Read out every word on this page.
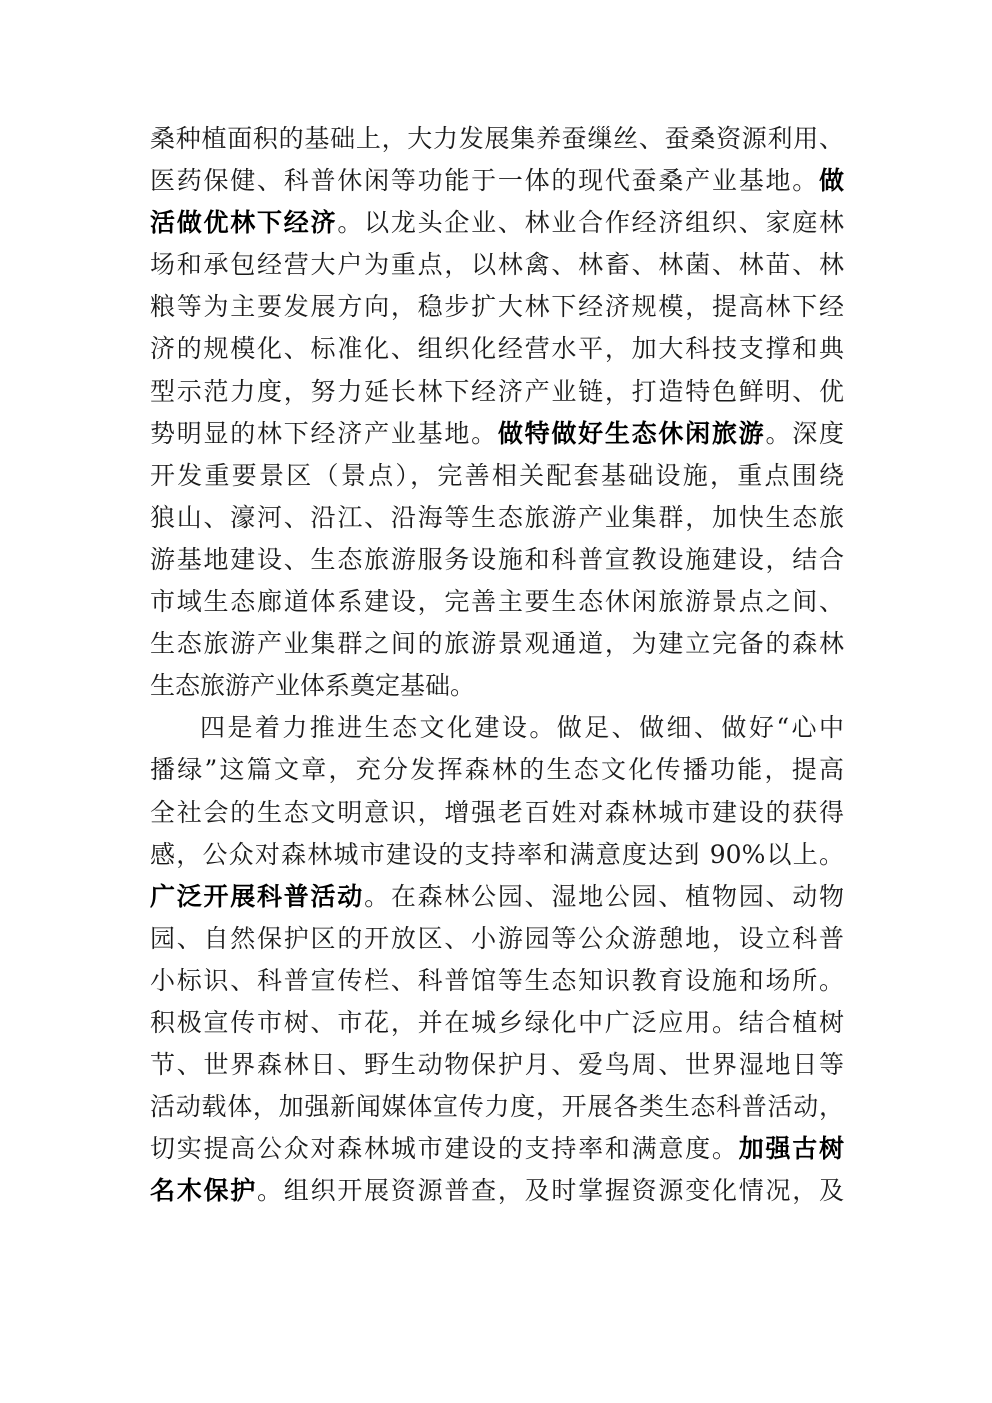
桑种植面积的基础上，大力发展集养蚕缫丝、蚕桑资源利用、
医药保健、科普休闲等功能于一体的现代蚕桑产业基地。做
活做优林下经济。以龙头企业、林业合作经济组织、家庭林
场和承包经营大户为重点，以林禽、林畜、林菌、林苗、林
粮等为主要发展方向，稳步扩大林下经济规模，提高林下经
济的规模化、标准化、组织化经营水平，加大科技支撑和典
型示范力度，努力延长林下经济产业链，打造特色鲜明、优
势明显的林下经济产业基地。做特做好生态休闲旅游。深度
开发重要景区（景点），完善相关配套基础设施，重点围绕
狼山、濠河、沿江、沿海等生态旅游产业集群，加快生态旅
游基地建设、生态旅游服务设施和科普宣教设施建设，结合
市域生态廊道体系建设，完善主要生态休闲旅游景点之间、
生态旅游产业集群之间的旅游景观通道，为建立完备的森林
生态旅游产业体系奠定基础。
四是着力推进生态文化建设。做足、做细、做好“心中
播绿”这篇文章，充分发挥森林的生态文化传播功能，提高
全社会的生态文明意识，增强老百姓对森林城市建设的获得
感，公众对森林城市建设的支持率和满意度达到 90%以上。
广泛开展科普活动。在森林公园、湿地公园、植物园、动物
园、自然保护区的开放区、小游园等公众游憩地，设立科普
小标识、科普宣传栏、科普馆等生态知识教育设施和场所。
积极宣传市树、市花，并在城乡绿化中广泛应用。结合植树
节、世界森林日、野生动物保护月、爱鸟周、世界湿地日等
活动载体，加强新闻媒体宣传力度，开展各类生态科普活动，
切实提高公众对森林城市建设的支持率和满意度。加强古树
名木保护。组织开展资源普查，及时掌握资源变化情况，及
